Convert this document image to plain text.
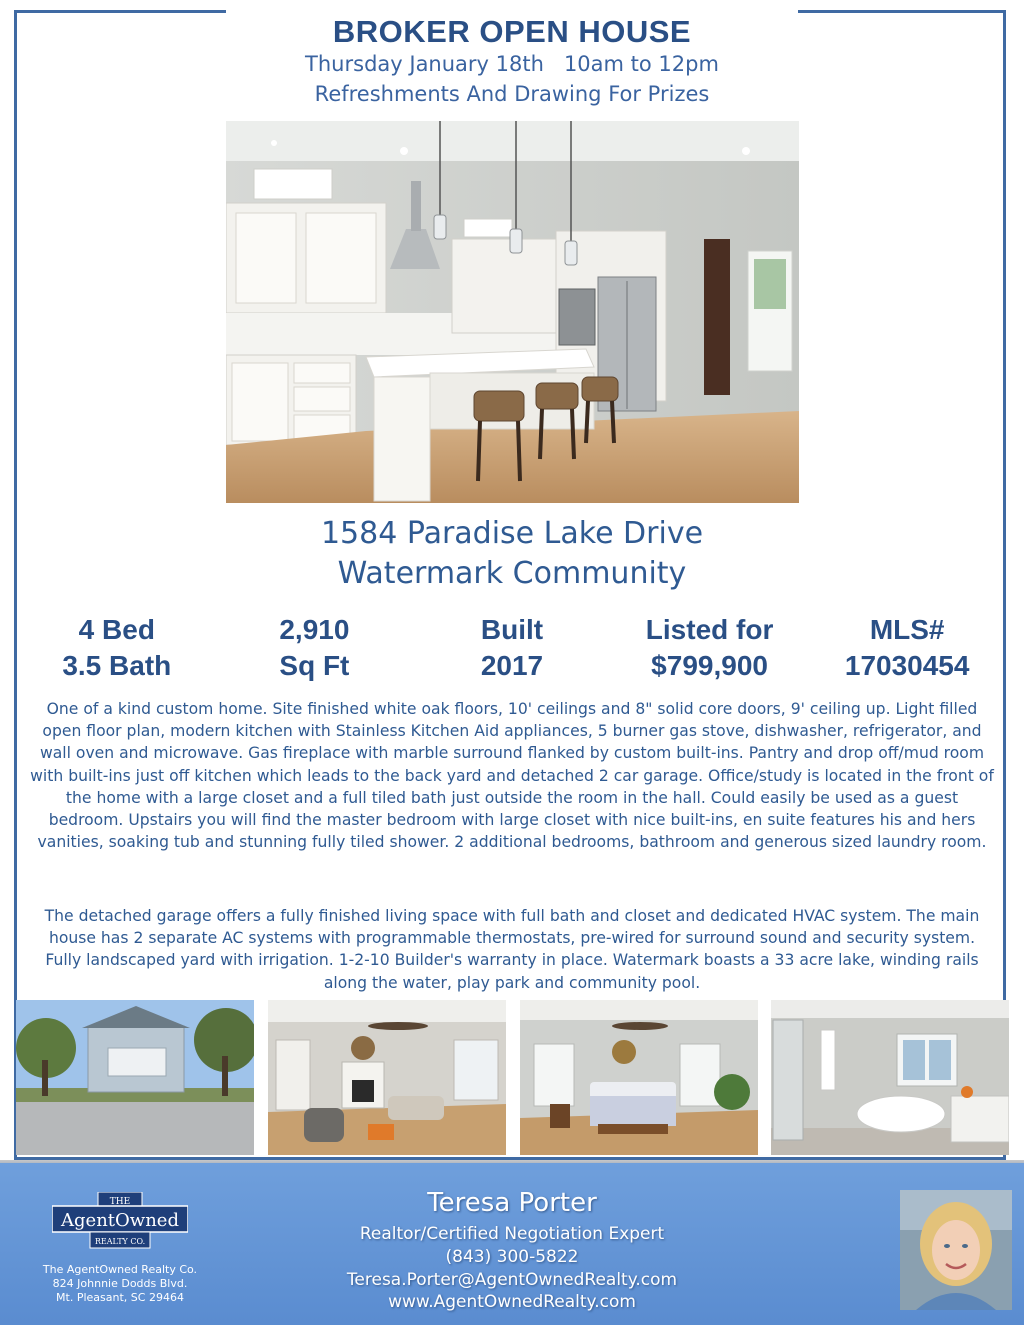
BROKER OPEN HOUSE
Thursday January 18th   10am to 12pm
Refreshments And Drawing For Prizes
1584 Paradise Lake Drive
Watermark Community
4 Bed
3.5 Bath
2,910
Sq Ft
Built
2017
Listed for
$799,900
MLS#
17030454
One of a kind custom home. Site finished white oak floors, 10' ceilings and 8" solid core doors, 9' ceiling up. Light filled open floor plan, modern kitchen with Stainless Kitchen Aid appliances, 5 burner gas stove, dishwasher, refrigerator, and wall oven and microwave. Gas fireplace with marble surround flanked by custom built-ins. Pantry and drop off/mud room with built-ins just off kitchen which leads to the back yard and detached 2 car garage. Office/study is located in the front of the home with a large closet and a full tiled bath just outside the room in the hall. Could easily be used as a guest bedroom. Upstairs you will find the master bedroom with large closet with nice built-ins, en suite features his and hers vanities, soaking tub and stunning fully tiled shower. 2 additional bedrooms, bathroom and generous sized laundry room.
The detached garage offers a fully finished living space with full bath and closet and dedicated HVAC system. The main house has 2 separate AC systems with programmable thermostats, pre-wired for surround sound and security system. Fully landscaped yard with irrigation. 1-2-10 Builder's warranty in place. Watermark boasts a 33 acre lake, winding rails along the water, play park and community pool.
THE
AgentOwned
REALTY CO.
The AgentOwned Realty Co.
824 Johnnie Dodds Blvd.
Mt. Pleasant, SC 29464
Teresa Porter
Realtor/Certified Negotiation Expert
(843) 300-5822
Teresa.Porter@AgentOwnedRealty.com
www.AgentOwnedRealty.com
